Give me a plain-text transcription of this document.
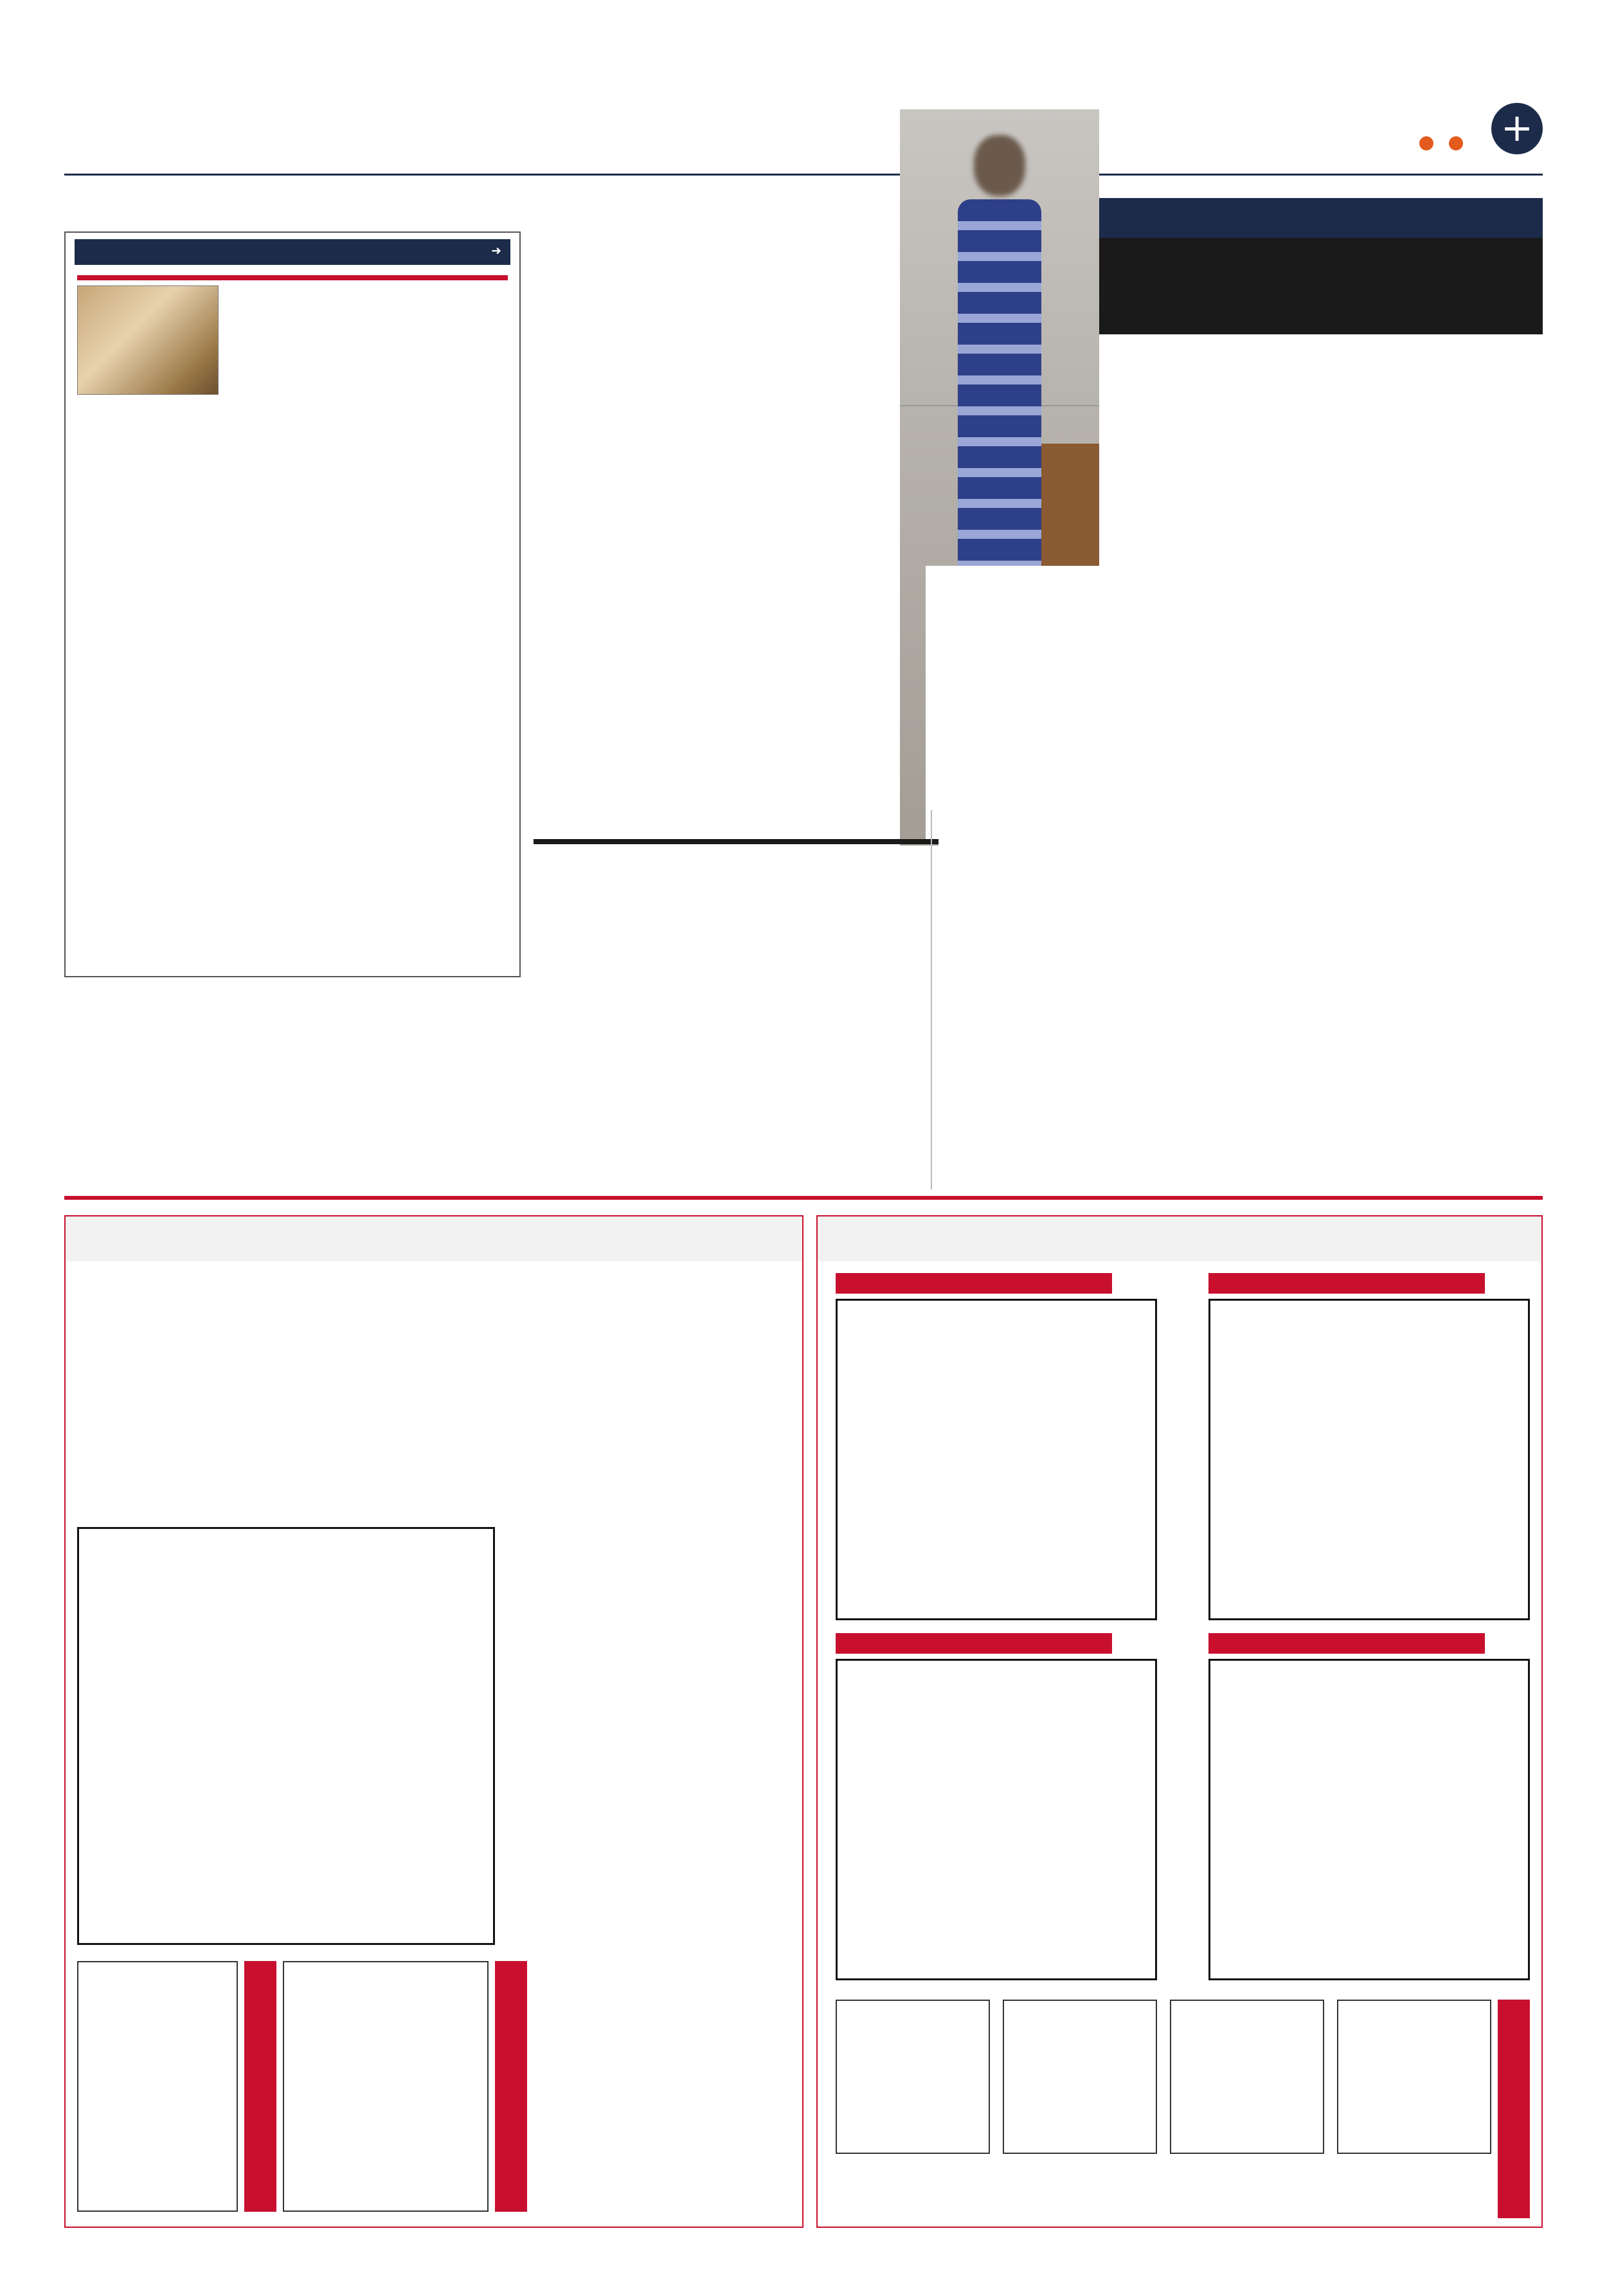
+
➜
